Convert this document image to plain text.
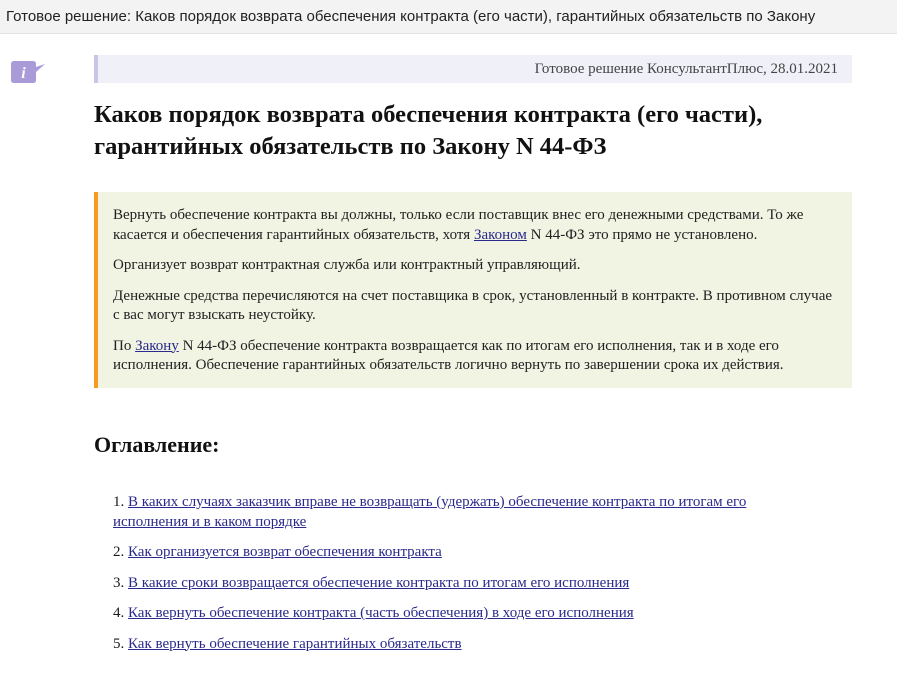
Готовое решение: Каков порядок возврата обеспечения контракта (его части), гарантийных обязательств по Закону
i	Готовое решение КонсультантПлюс, 28.01.2021
Каков порядок возврата обеспечения контракта (его части), гарантийных обязательств по Закону N 44-ФЗ

Вернуть обеспечение контракта вы должны, только если поставщик внес его денежными средствами. То же касается и обеспечения гарантийных обязательств, хотя Законом N 44-ФЗ это прямо не установлено.

Организует возврат контрактная служба или контрактный управляющий.

Денежные средства перечисляются на счет поставщика в срок, установленный в контракте. В противном случае с вас могут взыскать неустойку.

По Закону N 44-ФЗ обеспечение контракта возвращается как по итогам его исполнения, так и в ходе его исполнения. Обеспечение гарантийных обязательств логично вернуть по завершении срока их действия.

Оглавление:
1. В каких случаях заказчик вправе не возвращать (удержать) обеспечение контракта по итогам его исполнения и в каком порядке
2. Как организуется возврат обеспечения контракта
3. В какие сроки возвращается обеспечение контракта по итогам его исполнения
4. Как вернуть обеспечение контракта (часть обеспечения) в ходе его исполнения
5. Как вернуть обеспечение гарантийных обязательств
